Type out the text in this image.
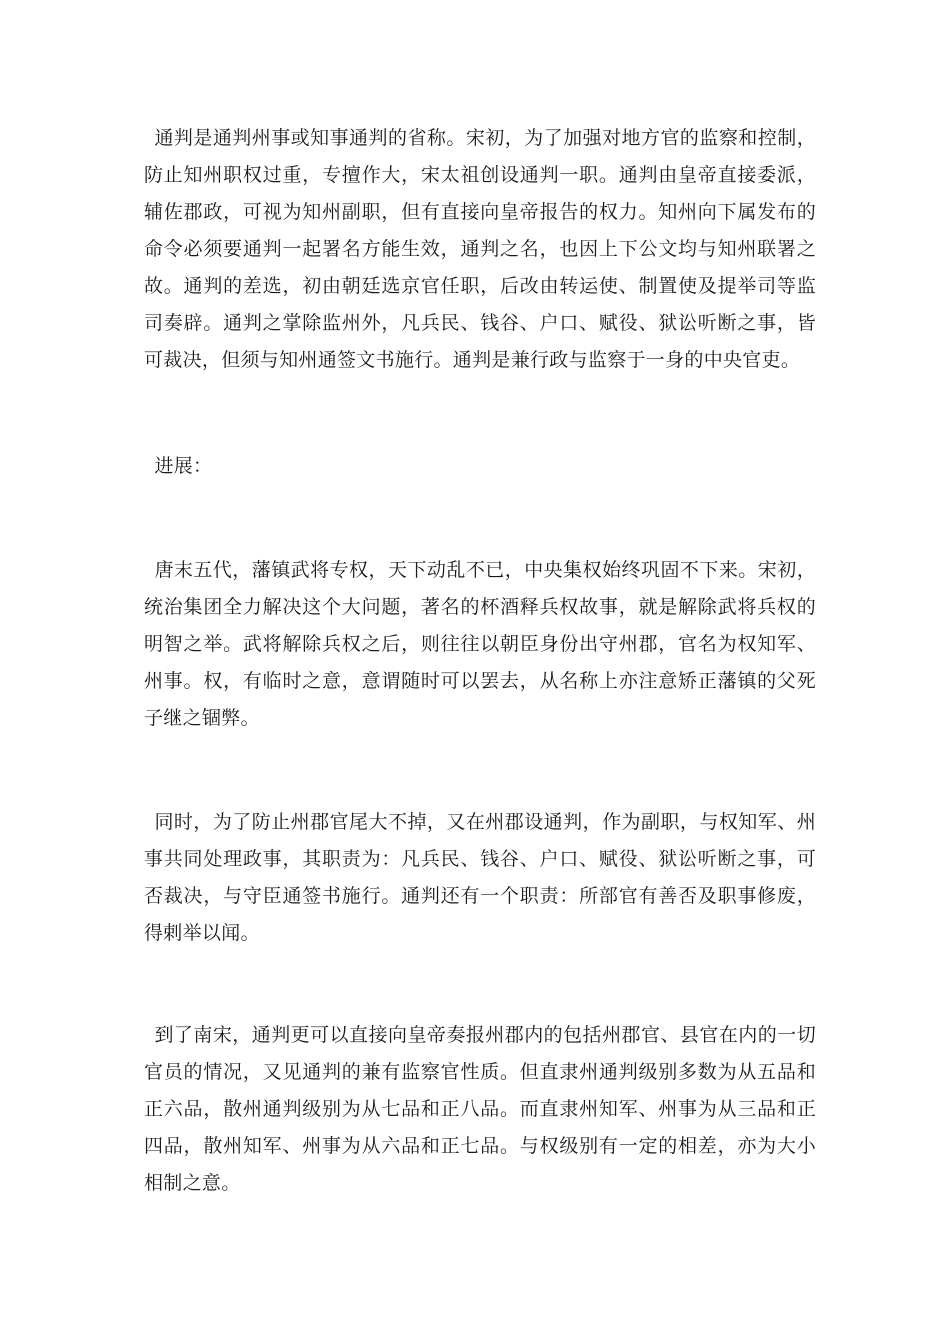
通判是通判州事或知事通判的省称。宋初，为了加强对地方官的监察和控制，防止知州职权过重，专擅作大，宋太祖创设通判一职。通判由皇帝直接委派，辅佐郡政，可视为知州副职，但有直接向皇帝报告的权力。知州向下属发布的命令必须要通判一起署名方能生效，通判之名，也因上下公文均与知州联署之故。通判的差选，初由朝廷选京官任职，后改由转运使、制置使及提举司等监司奏辟。通判之掌除监州外，凡兵民、钱谷、户口、赋役、狱讼听断之事，皆可裁决，但须与知州通签文书施行。通判是兼行政与监察于一身的中央官吏。

进展：

唐末五代，藩镇武将专权，天下动乱不已，中央集权始终巩固不下来。宋初，统治集团全力解决这个大问题，著名的杯酒释兵权故事，就是解除武将兵权的明智之举。武将解除兵权之后，则往往以朝臣身份出守州郡，官名为权知军、州事。权，有临时之意，意谓随时可以罢去，从名称上亦注意矫正藩镇的父死子继之锢弊。

同时，为了防止州郡官尾大不掉，又在州郡设通判，作为副职，与权知军、州事共同处理政事，其职责为：凡兵民、钱谷、户口、赋役、狱讼听断之事，可否裁决，与守臣通签书施行。通判还有一个职责：所部官有善否及职事修废，得剌举以闻。

到了南宋，通判更可以直接向皇帝奏报州郡内的包括州郡官、县官在内的一切官员的情况，又见通判的兼有监察官性质。但直隶州通判级别多数为从五品和正六品，散州通判级别为从七品和正八品。而直隶州知军、州事为从三品和正四品，散州知军、州事为从六品和正七品。与权级别有一定的相差，亦为大小相制之意。
